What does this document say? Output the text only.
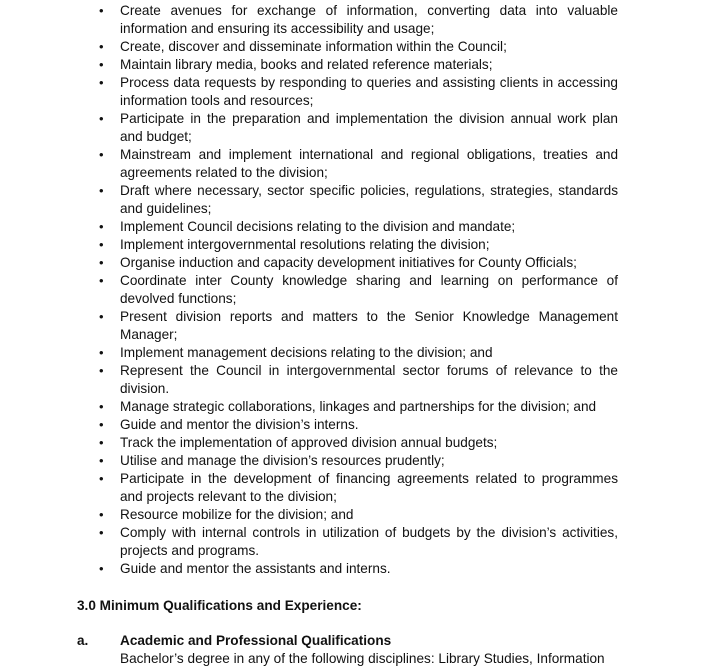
• Create avenues for exchange of information, converting data into valuable information and ensuring its accessibility and usage;
• Create, discover and disseminate information within the Council;
• Maintain library media, books and related reference materials;
• Process data requests by responding to queries and assisting clients in accessing information tools and resources;
• Participate in the preparation and implementation the division annual work plan and budget;
• Mainstream and implement international and regional obligations, treaties and agreements related to the division;
• Draft where necessary, sector specific policies, regulations, strategies, standards and guidelines;
• Implement Council decisions relating to the division and mandate;
• Implement intergovernmental resolutions relating the division;
• Organise induction and capacity development initiatives for County Officials;
• Coordinate inter County knowledge sharing and learning on performance of devolved functions;
• Present division reports and matters to the Senior Knowledge Management Manager;
• Implement management decisions relating to the division; and
• Represent the Council in intergovernmental sector forums of relevance to the division.
• Manage strategic collaborations, linkages and partnerships for the division; and
• Guide and mentor the division’s interns.
• Track the implementation of approved division annual budgets;
• Utilise and manage the division’s resources prudently;
• Participate in the development of financing agreements related to programmes and projects relevant to the division;
• Resource mobilize for the division; and
• Comply with internal controls in utilization of budgets by the division’s activities, projects and programs.
• Guide and mentor the assistants and interns.
3.0 Minimum Qualifications and Experience:
a. Academic and Professional Qualifications
Bachelor’s degree in any of the following disciplines: Library Studies, Information
